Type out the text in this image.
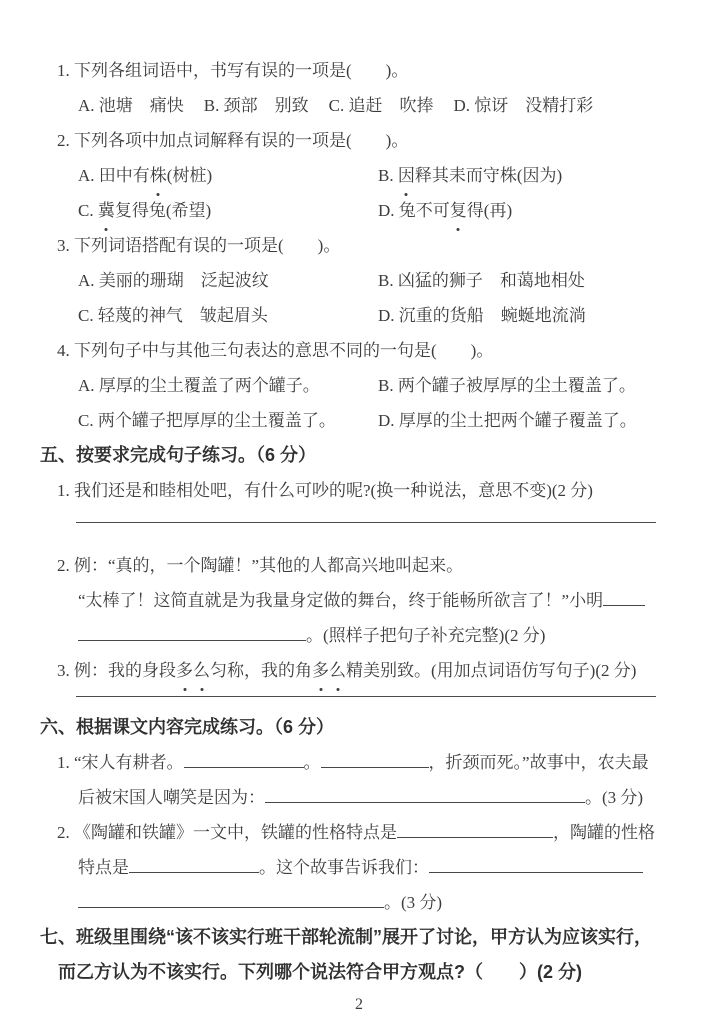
1. 下列各组词语中，书写有误的一项是(　　)。
A. 池塘　痛快 B. 颈部　别致 C. 追赶　吹捧 D. 惊讶　没精打彩
2. 下列各项中加点词解释有误的一项是(　　)。
A. 田中有株(树桩)	B. 因释其耒而守株(因为)
C. 冀复得兔(希望)	D. 兔不可复得(再)
3. 下列词语搭配有误的一项是(　　)。
A. 美丽的珊瑚　泛起波纹	B. 凶猛的狮子　和蔼地相处
C. 轻蔑的神气　皱起眉头	D. 沉重的货船　蜿蜒地流淌
4. 下列句子中与其他三句表达的意思不同的一句是(　　)。
A. 厚厚的尘土覆盖了两个罐子。	B. 两个罐子被厚厚的尘土覆盖了。
C. 两个罐子把厚厚的尘土覆盖了。	D. 厚厚的尘土把两个罐子覆盖了。
五、按要求完成句子练习。（6 分）
1. 我们还是和睦相处吧，有什么可吵的呢?(换一种说法，意思不变)(2 分)
2. 例：“真的，一个陶罐！”其他的人都高兴地叫起来。
“太棒了！这简直就是为我量身定做的舞台，终于能畅所欲言了！”小明
。(照样子把句子补充完整)(2 分)
3. 例：我的身段多么匀称，我的角多么精美别致。(用加点词语仿写句子)(2 分)
六、根据课文内容完成练习。（6 分）
1. “宋人有耕者。	。	，折颈而死。”故事中，农夫最
后被宋国人嘲笑是因为：	。(3 分)
2. 《陶罐和铁罐》一文中，铁罐的性格特点是	，陶罐的性格
特点是	。这个故事告诉我们：
。(3 分)
七、班级里围绕“该不该实行班干部轮流制”展开了讨论，甲方认为应该实行，
而乙方认为不该实行。下列哪个说法符合甲方观点?（　　）(2 分)
2
